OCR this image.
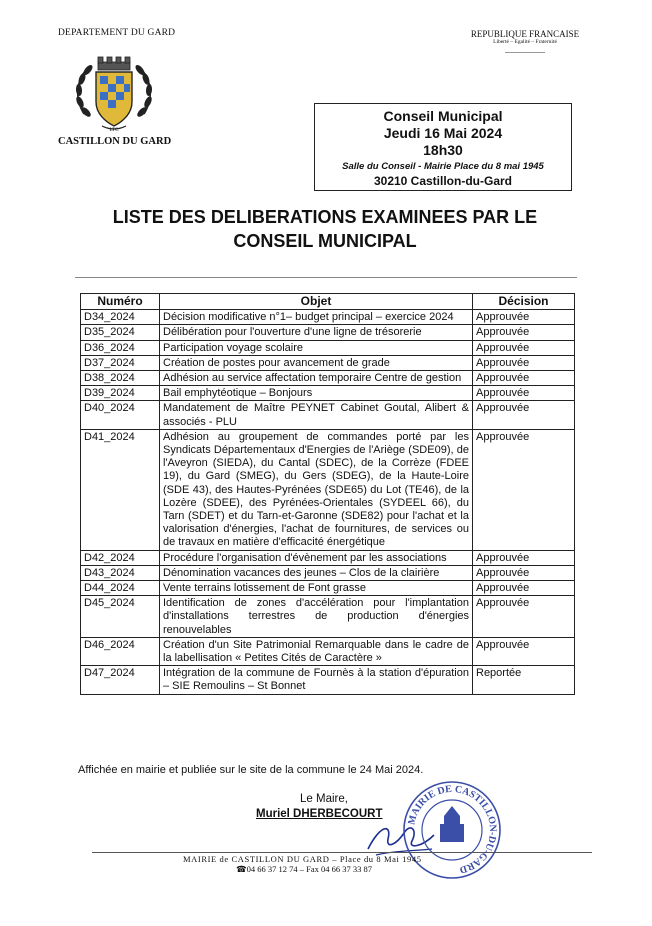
DEPARTEMENT DU GARD
LTC
CASTILLON DU GARD
REPUBLIQUE FRANCAISE
Liberté – Egalité – Fraternité
Conseil Municipal
Jeudi 16 Mai 2024
18h30
Salle du Conseil - Mairie Place du 8 mai 1945
30210 Castillon-du-Gard
LISTE DES DELIBERATIONS EXAMINEES PAR LE
CONSEIL MUNICIPAL
Numéro	Objet	Décision
D34_2024	Décision modificative n°1– budget principal – exercice 2024	Approuvée
D35_2024	Délibération pour l'ouverture d'une ligne de trésorerie	Approuvée
D36_2024	Participation voyage scolaire	Approuvée
D37_2024	Création de postes pour avancement de grade	Approuvée
D38_2024	Adhésion au service affectation temporaire Centre de gestion	Approuvée
D39_2024	Bail emphytéotique – Bonjours	Approuvée
D40_2024	Mandatement de Maître PEYNET Cabinet Goutal, Alibert & associés - PLU	Approuvée
D41_2024	Adhésion au groupement de commandes porté par les Syndicats Départementaux d'Energies de l'Ariège (SDE09), de l'Aveyron (SIEDA), du Cantal (SDEC), de la Corrèze (FDEE 19), du Gard (SMEG), du Gers (SDEG), de la Haute-Loire (SDE 43), des Hautes-Pyrénées (SDE65) du Lot (TE46), de la Lozère (SDEE), des Pyrénées-Orientales (SYDEEL 66), du Tarn (SDET) et du Tarn-et-Garonne (SDE82) pour l'achat et la valorisation d'énergies, l'achat de fournitures, de services ou de travaux en matière d'efficacité énergétique	Approuvée
D42_2024	Procédure l'organisation d'évènement par les associations	Approuvée
D43_2024	Dénomination vacances des jeunes – Clos de la clairière	Approuvée
D44_2024	Vente terrains lotissement de Font grasse	Approuvée
D45_2024	Identification de zones d'accélération pour l'implantation d'installations terrestres de production d'énergies renouvelables	Approuvée
D46_2024	Création d'un Site Patrimonial Remarquable dans le cadre de la labellisation « Petites Cités de Caractère »	Approuvée
D47_2024	Intégration de la commune de Fournès à la station d'épuration – SIE Remoulins – St Bonnet	Reportée
Affichée en mairie et publiée sur le site de la commune le 24 Mai 2024.
Le Maire,
Muriel DHERBECOURT
MAIRIE DE CASTILLON-DU-GARD
MAIRIE de CASTILLON DU GARD – Place du 8 Mai 1945
☎04 66 37 12 74 – Fax 04 66 37 33 87
